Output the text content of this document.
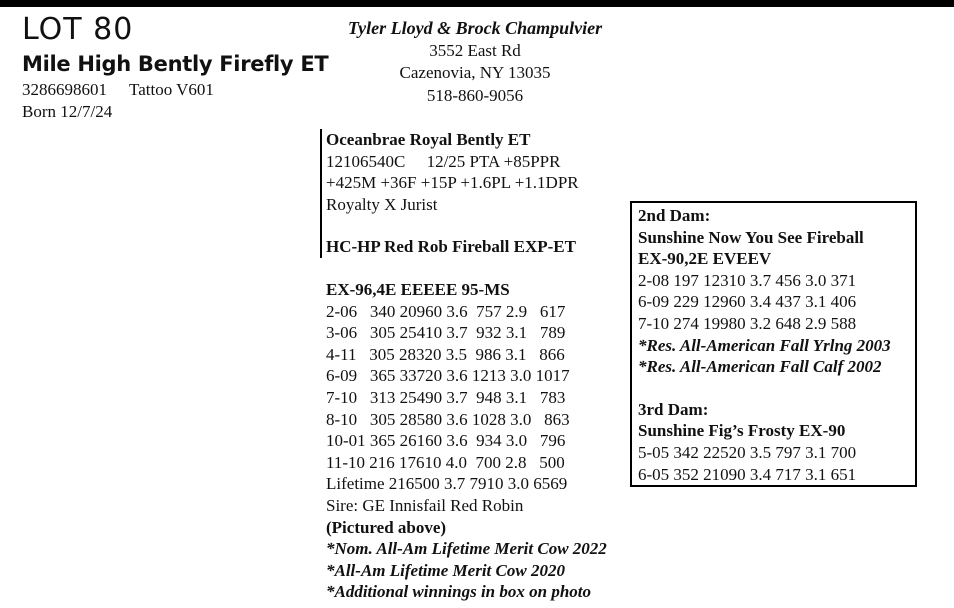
LOT 80
Mile High Bently Firefly ET
3286698601 Tattoo V601
Born 12/7/24
Tyler Lloyd & Brock Champulvier
3552 East Rd
Cazenovia, NY 13035
518-860-9056
Oceanbrae Royal Bently ET
12106540C     12/25 PTA +85PPR
+425M +36F +15P +1.6PL +1.1DPR
Royalty X Jurist
HC-HP Red Rob Fireball EXP-ET
EX-96,4E EEEEE 95-MS
2-06   340 20960 3.6  757 2.9   617
3-06   305 25410 3.7  932 3.1   789
4-11   305 28320 3.5  986 3.1   866
6-09   365 33720 3.6 1213 3.0 1017
7-10   313 25490 3.7  948 3.1   783
8-10   305 28580 3.6 1028 3.0   863
10-01 365 26160 3.6  934 3.0   796
11-10 216 17610 4.0  700 2.8   500
Lifetime 216500 3.7 7910 3.0 6569
Sire: GE Innisfail Red Robin
(Pictured above)
*Nom. All-Am Lifetime Merit Cow 2022
*All-Am Lifetime Merit Cow 2020
*Additional winnings in box on photo
2nd Dam:
Sunshine Now You See Fireball
EX-90,2E EVEEV
2-08 197 12310 3.7 456 3.0 371
6-09 229 12960 3.4 437 3.1 406
7-10 274 19980 3.2 648 2.9 588
*Res. All-American Fall Yrlng 2003
*Res. All-American Fall Calf 2002
3rd Dam:
Sunshine Fig’s Frosty EX-90
5-05 342 22520 3.5 797 3.1 700
6-05 352 21090 3.4 717 3.1 651
